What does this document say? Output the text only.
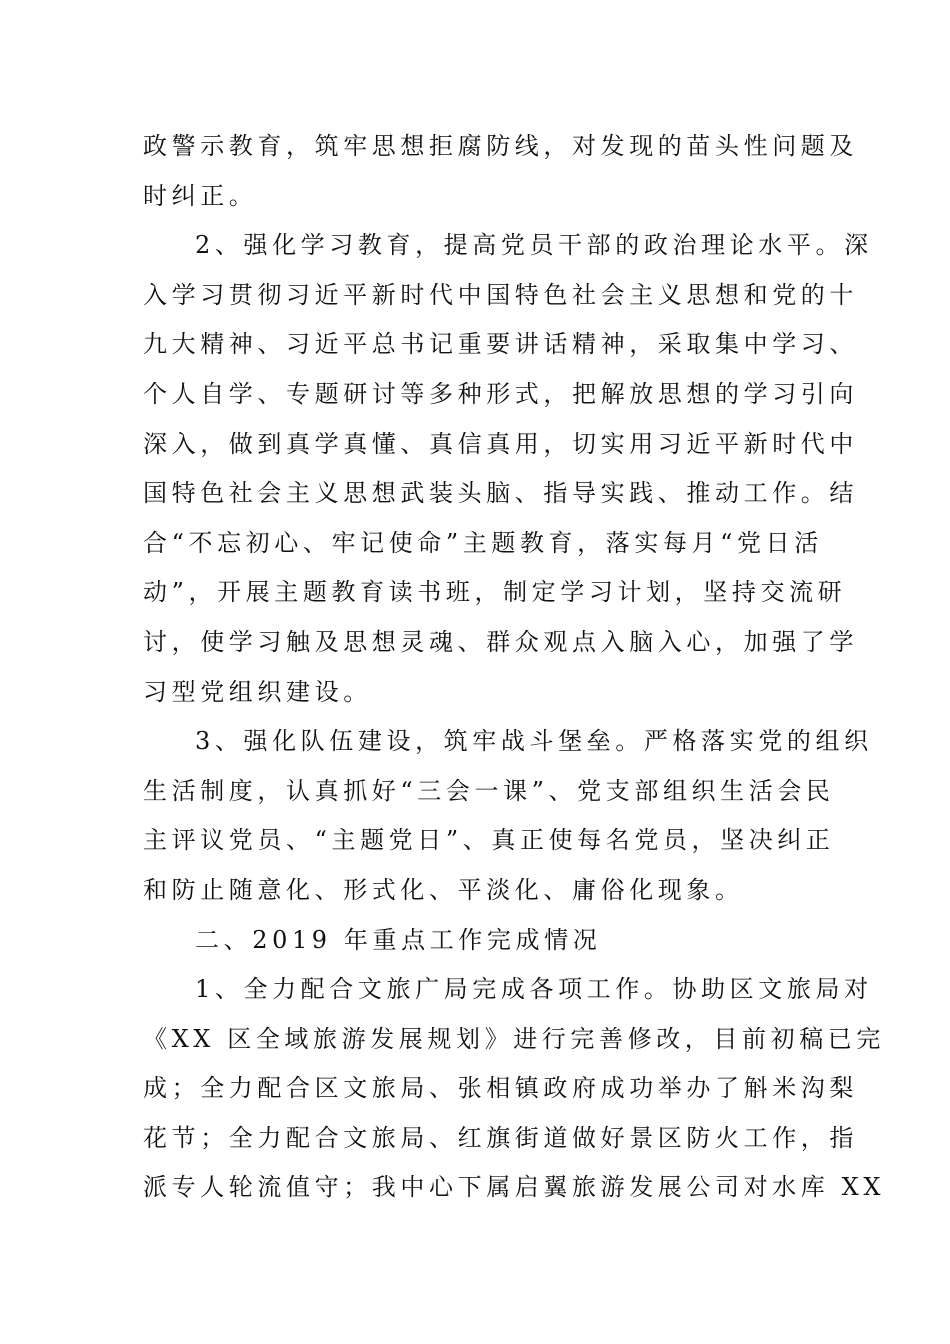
政警示教育，筑牢思想拒腐防线，对发现的苗头性问题及
时纠正。
2、强化学习教育，提高党员干部的政治理论水平。深
入学习贯彻习近平新时代中国特色社会主义思想和党的十
九大精神、习近平总书记重要讲话精神，采取集中学习、
个人自学、专题研讨等多种形式，把解放思想的学习引向
深入，做到真学真懂、真信真用，切实用习近平新时代中
国特色社会主义思想武装头脑、指导实践、推动工作。结
合“不忘初心、牢记使命”主题教育，落实每月“党日活
动”，开展主题教育读书班，制定学习计划，坚持交流研
讨，使学习触及思想灵魂、群众观点入脑入心，加强了学
习型党组织建设。
3、强化队伍建设，筑牢战斗堡垒。严格落实党的组织
生活制度，认真抓好“三会一课”、党支部组织生活会民
主评议党员、“主题党日”、真正使每名党员，坚决纠正
和防止随意化、形式化、平淡化、庸俗化现象。
二、2019 年重点工作完成情况
1、全力配合文旅广局完成各项工作。协助区文旅局对
《XX 区全域旅游发展规划》进行完善修改，目前初稿已完
成；全力配合区文旅局、张相镇政府成功举办了斛米沟梨
花节；全力配合文旅局、红旗街道做好景区防火工作，指
派专人轮流值守；我中心下属启翼旅游发展公司对水库 XX
